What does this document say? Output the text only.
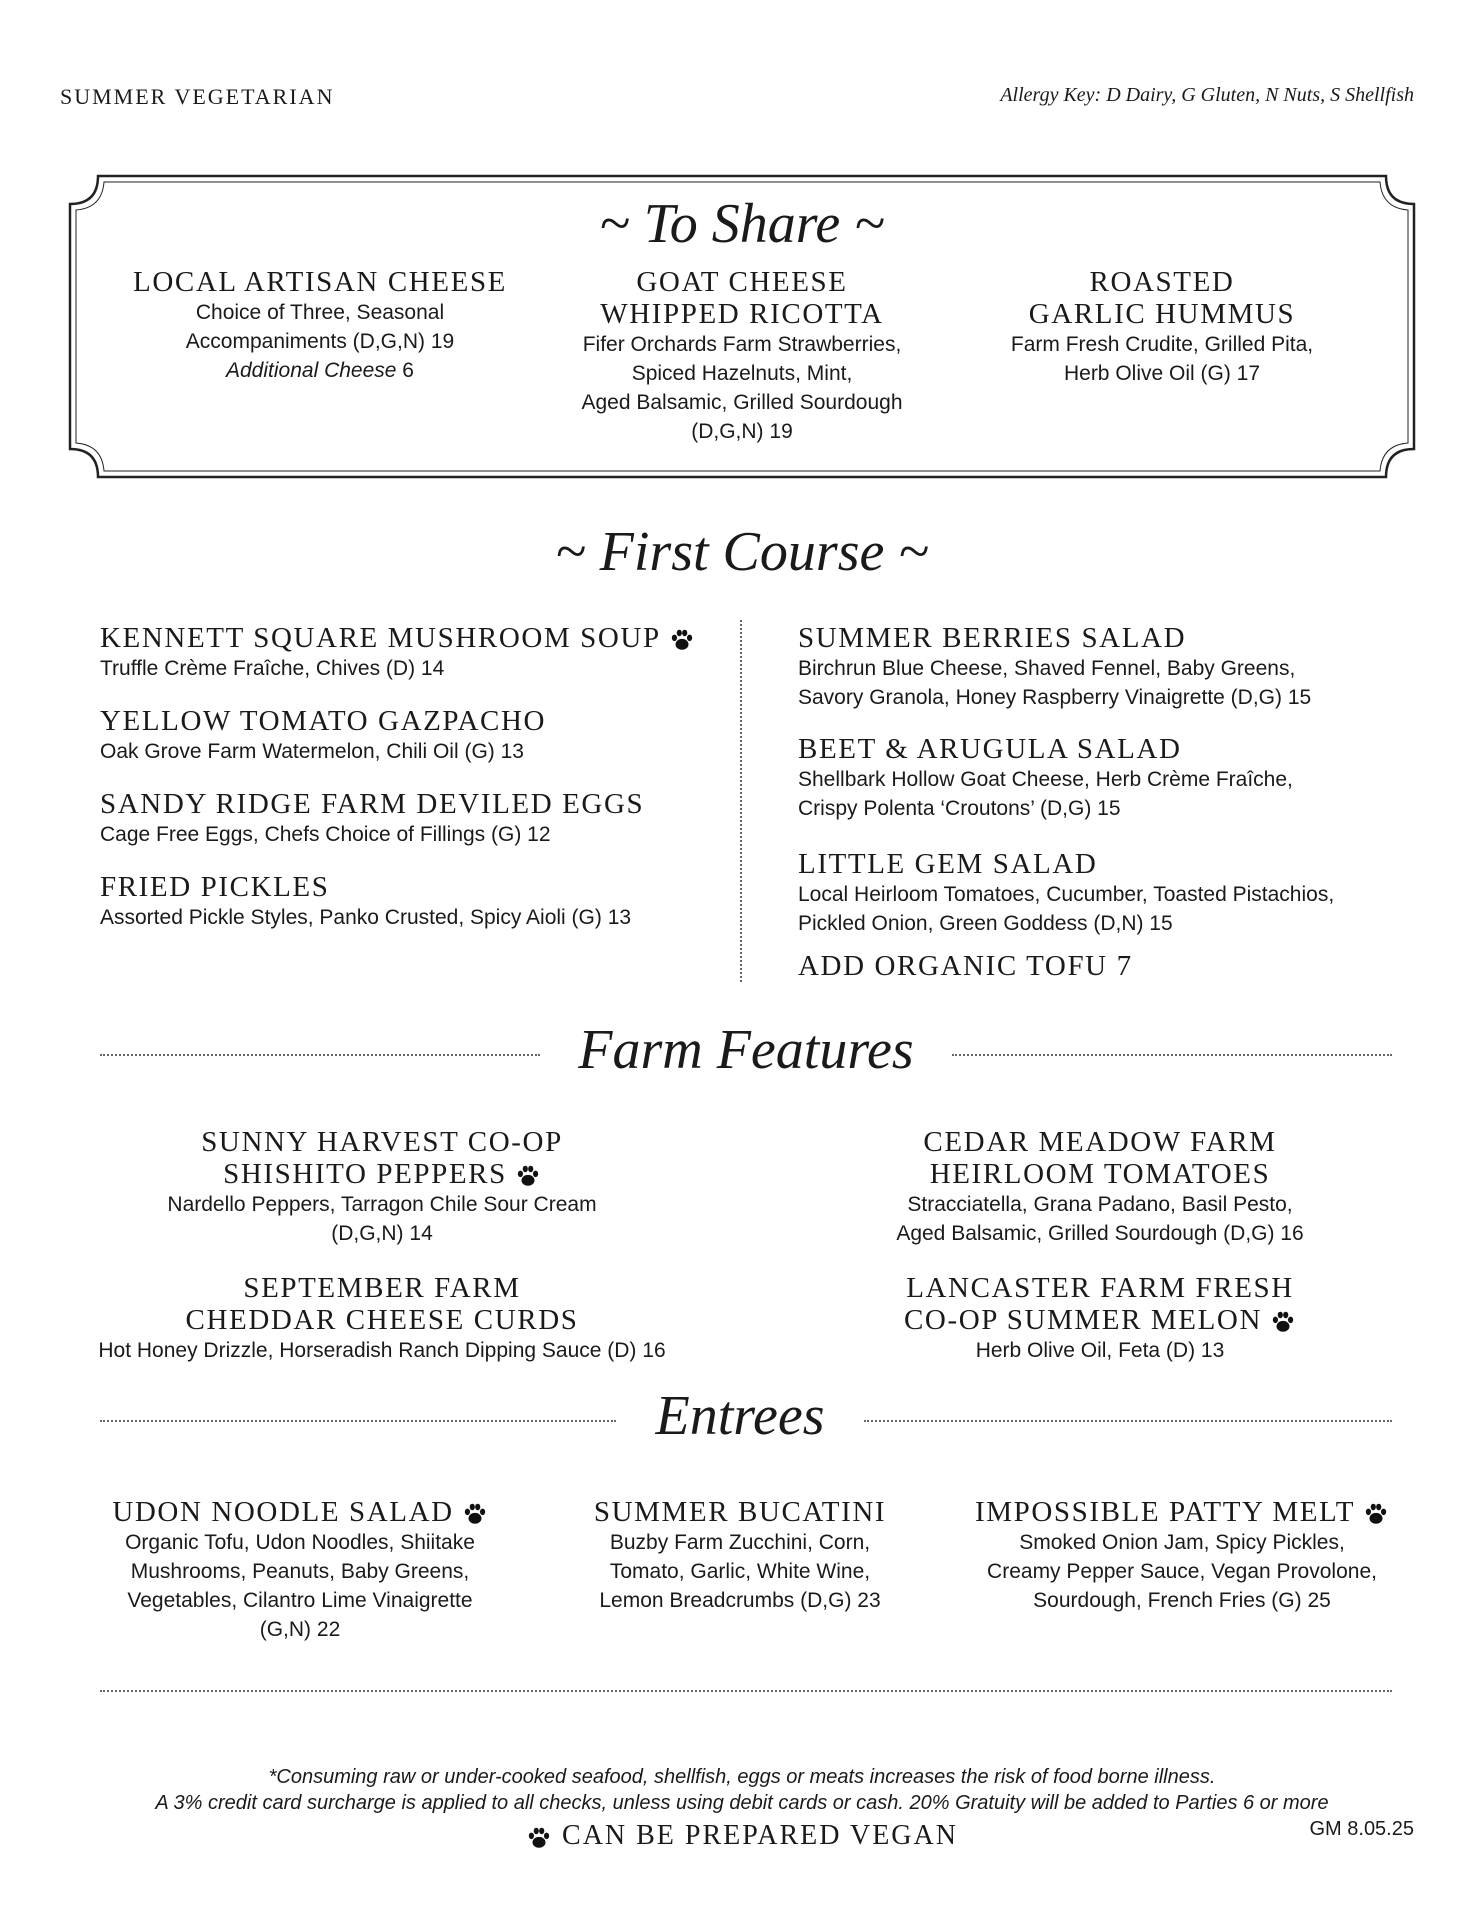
SUMMER VEGETARIAN	Allergy Key: D Dairy, G Gluten, N Nuts, S Shellfish
~ To Share ~
LOCAL ARTISAN CHEESE
Choice of Three, Seasonal
Accompaniments (D,G,N) 19
Additional Cheese 6
GOAT CHEESE
WHIPPED RICOTTA
Fifer Orchards Farm Strawberries,
Spiced Hazelnuts, Mint,
Aged Balsamic, Grilled Sourdough
(D,G,N) 19
ROASTED
GARLIC HUMMUS
Farm Fresh Crudite, Grilled Pita,
Herb Olive Oil (G) 17
~ First Course ~
KENNETT SQUARE MUSHROOM SOUP
Truffle Crème Fraîche, Chives (D) 14
YELLOW TOMATO GAZPACHO
Oak Grove Farm Watermelon, Chili Oil (G) 13
SANDY RIDGE FARM DEVILED EGGS
Cage Free Eggs, Chefs Choice of Fillings (G) 12
FRIED PICKLES
Assorted Pickle Styles, Panko Crusted, Spicy Aioli (G) 13
SUMMER BERRIES SALAD
Birchrun Blue Cheese, Shaved Fennel, Baby Greens,
Savory Granola, Honey Raspberry Vinaigrette (D,G) 15
BEET & ARUGULA SALAD
Shellbark Hollow Goat Cheese, Herb Crème Fraîche,
Crispy Polenta ‘Croutons’ (D,G) 15
LITTLE GEM SALAD
Local Heirloom Tomatoes, Cucumber, Toasted Pistachios,
Pickled Onion, Green Goddess (D,N) 15
ADD ORGANIC TOFU 7
Farm Features
SUNNY HARVEST CO-OP
SHISHITO PEPPERS
Nardello Peppers, Tarragon Chile Sour Cream
(D,G,N) 14
CEDAR MEADOW FARM
HEIRLOOM TOMATOES
Stracciatella, Grana Padano, Basil Pesto,
Aged Balsamic, Grilled Sourdough (D,G) 16
SEPTEMBER FARM
CHEDDAR CHEESE CURDS
Hot Honey Drizzle, Horseradish Ranch Dipping Sauce (D) 16
LANCASTER FARM FRESH
CO-OP SUMMER MELON
Herb Olive Oil, Feta (D) 13
Entrees
UDON NOODLE SALAD
Organic Tofu, Udon Noodles, Shiitake
Mushrooms, Peanuts, Baby Greens,
Vegetables, Cilantro Lime Vinaigrette
(G,N) 22
SUMMER BUCATINI
Buzby Farm Zucchini, Corn,
Tomato, Garlic, White Wine,
Lemon Breadcrumbs (D,G) 23
IMPOSSIBLE PATTY MELT
Smoked Onion Jam, Spicy Pickles,
Creamy Pepper Sauce, Vegan Provolone,
Sourdough, French Fries (G) 25
*Consuming raw or under-cooked seafood, shellfish, eggs or meats increases the risk of food borne illness.
A 3% credit card surcharge is applied to all checks, unless using debit cards or cash. 20% Gratuity will be added to Parties 6 or more
CAN BE PREPARED VEGAN	GM 8.05.25
